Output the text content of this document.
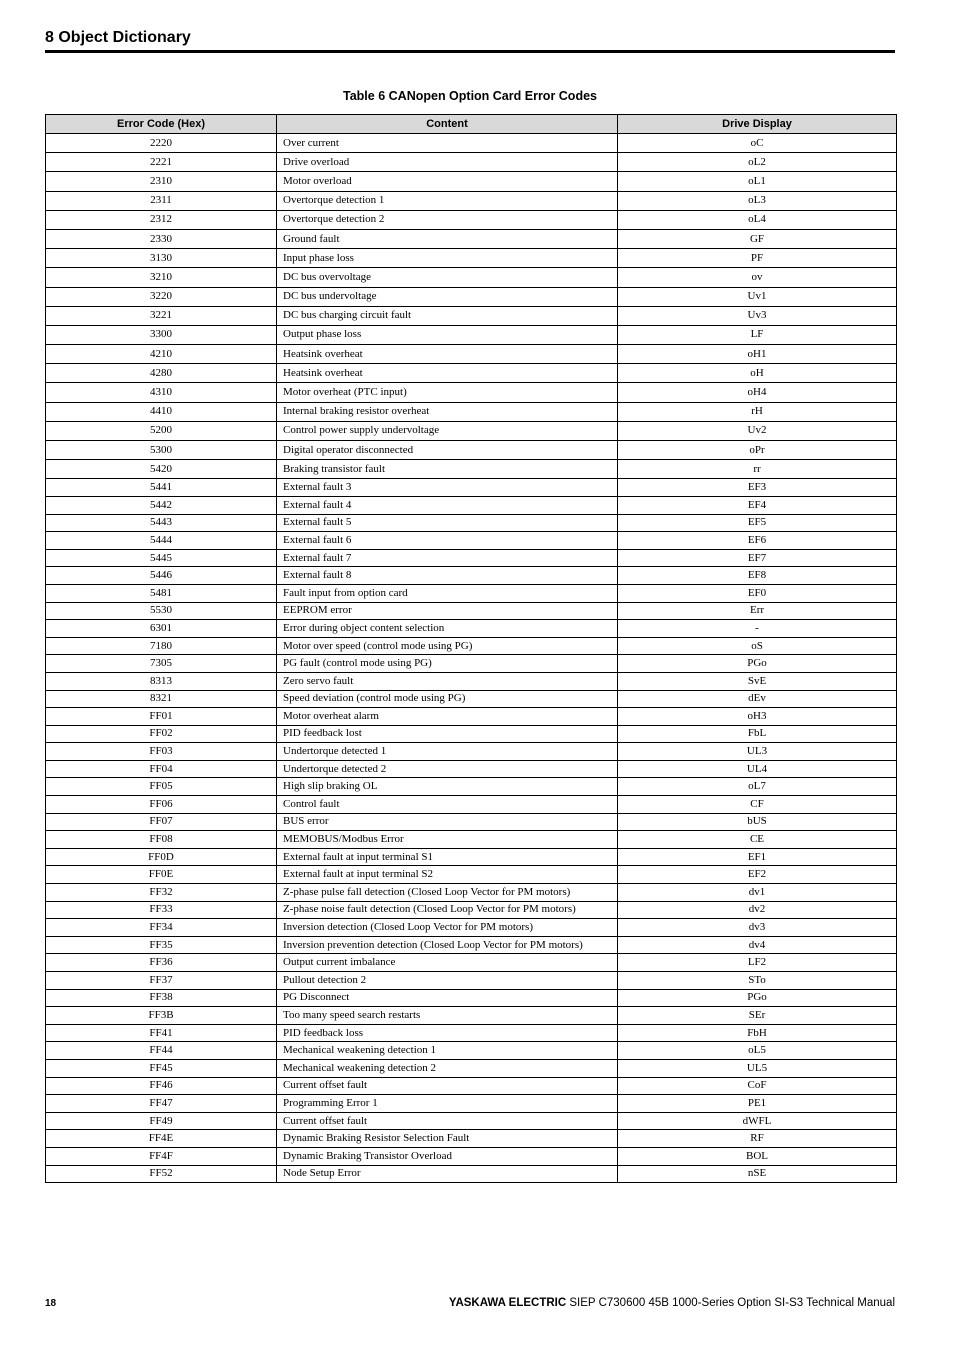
8 Object Dictionary
Table 6 CANopen Option Card Error Codes
Error Code (Hex)	Content	Drive Display
2220	Over current	oC
2221	Drive overload	oL2
2310	Motor overload	oL1
2311	Overtorque detection 1	oL3
2312	Overtorque detection 2	oL4
2330	Ground fault	GF
3130	Input phase loss	PF
3210	DC bus overvoltage	ov
3220	DC bus undervoltage	Uv1
3221	DC bus charging circuit fault	Uv3
3300	Output phase loss	LF
4210	Heatsink overheat	oH1
4280	Heatsink overheat	oH
4310	Motor overheat (PTC input)	oH4
4410	Internal braking resistor overheat	rH
5200	Control power supply undervoltage	Uv2
5300	Digital operator disconnected	oPr
5420	Braking transistor fault	rr
5441	External fault 3	EF3
5442	External fault 4	EF4
5443	External fault 5	EF5
5444	External fault 6	EF6
5445	External fault 7	EF7
5446	External fault 8	EF8
5481	Fault input from option card	EF0
5530	EEPROM error	Err
6301	Error during object content selection	-
7180	Motor over speed (control mode using PG)	oS
7305	PG fault (control mode using PG)	PGo
8313	Zero servo fault	SvE
8321	Speed deviation (control mode using PG)	dEv
FF01	Motor overheat alarm	oH3
FF02	PID feedback lost	FbL
FF03	Undertorque detected 1	UL3
FF04	Undertorque detected 2	UL4
FF05	High slip braking OL	oL7
FF06	Control fault	CF
FF07	BUS error	bUS
FF08	MEMOBUS/Modbus Error	CE
FF0D	External fault at input terminal S1	EF1
FF0E	External fault at input terminal S2	EF2
FF32	Z-phase pulse fall detection (Closed Loop Vector for PM motors)	dv1
FF33	Z-phase noise fault detection (Closed Loop Vector for PM motors)	dv2
FF34	Inversion detection (Closed Loop Vector for PM motors)	dv3
FF35	Inversion prevention detection (Closed Loop Vector for PM motors)	dv4
FF36	Output current imbalance	LF2
FF37	Pullout detection 2	STo
FF38	PG Disconnect	PGo
FF3B	Too many speed search restarts	SEr
FF41	PID feedback loss	FbH
FF44	Mechanical weakening detection 1	oL5
FF45	Mechanical weakening detection 2	UL5
FF46	Current offset fault	CoF
FF47	Programming Error 1	PE1
FF49	Current offset fault	dWFL
FF4E	Dynamic Braking Resistor Selection Fault	RF
FF4F	Dynamic Braking Transistor Overload	BOL
FF52	Node Setup Error	nSE
18	YASKAWA ELECTRIC SIEP C730600 45B 1000-Series Option SI-S3 Technical Manual
